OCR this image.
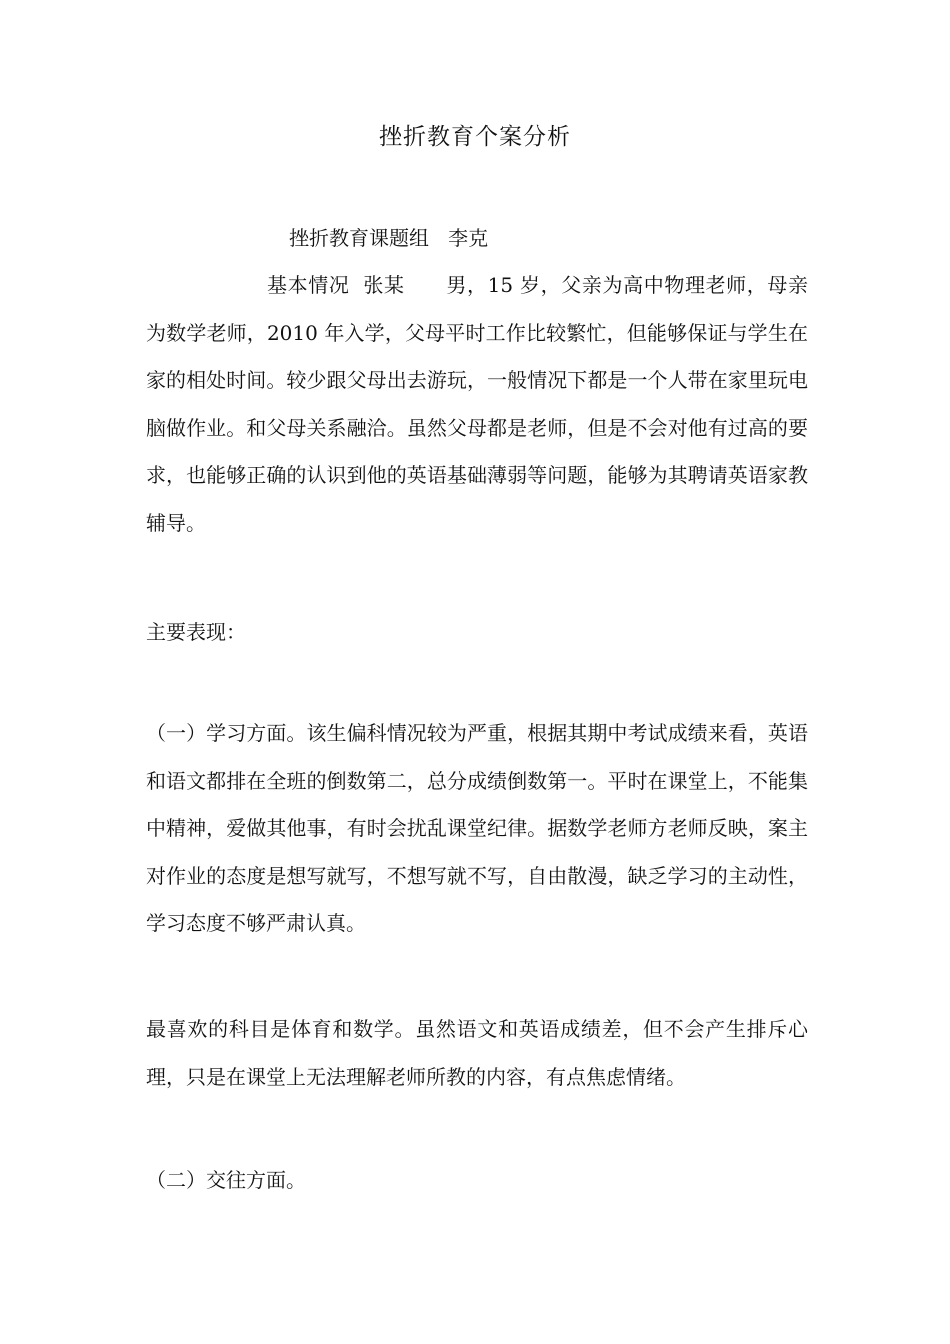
挫折教育个案分析
挫折教育课题组   李克
基本情况  张某      男，15 岁，父亲为高中物理老师，母亲为数学老师，2010 年入学，父母平时工作比较繁忙，但能够保证与学生在家的相处时间。较少跟父母出去游玩，一般情况下都是一个人带在家里玩电脑做作业。和父母关系融洽。虽然父母都是老师，但是不会对他有过高的要求，也能够正确的认识到他的英语基础薄弱等问题，能够为其聘请英语家教辅导。
主要表现：
（一）学习方面。该生偏科情况较为严重，根据其期中考试成绩来看，英语和语文都排在全班的倒数第二，总分成绩倒数第一。平时在课堂上，不能集中精神，爱做其他事，有时会扰乱课堂纪律。据数学老师方老师反映，案主对作业的态度是想写就写，不想写就不写，自由散漫，缺乏学习的主动性，学习态度不够严肃认真。
最喜欢的科目是体育和数学。虽然语文和英语成绩差，但不会产生排斥心理，只是在课堂上无法理解老师所教的内容，有点焦虑情绪。
（二）交往方面。
